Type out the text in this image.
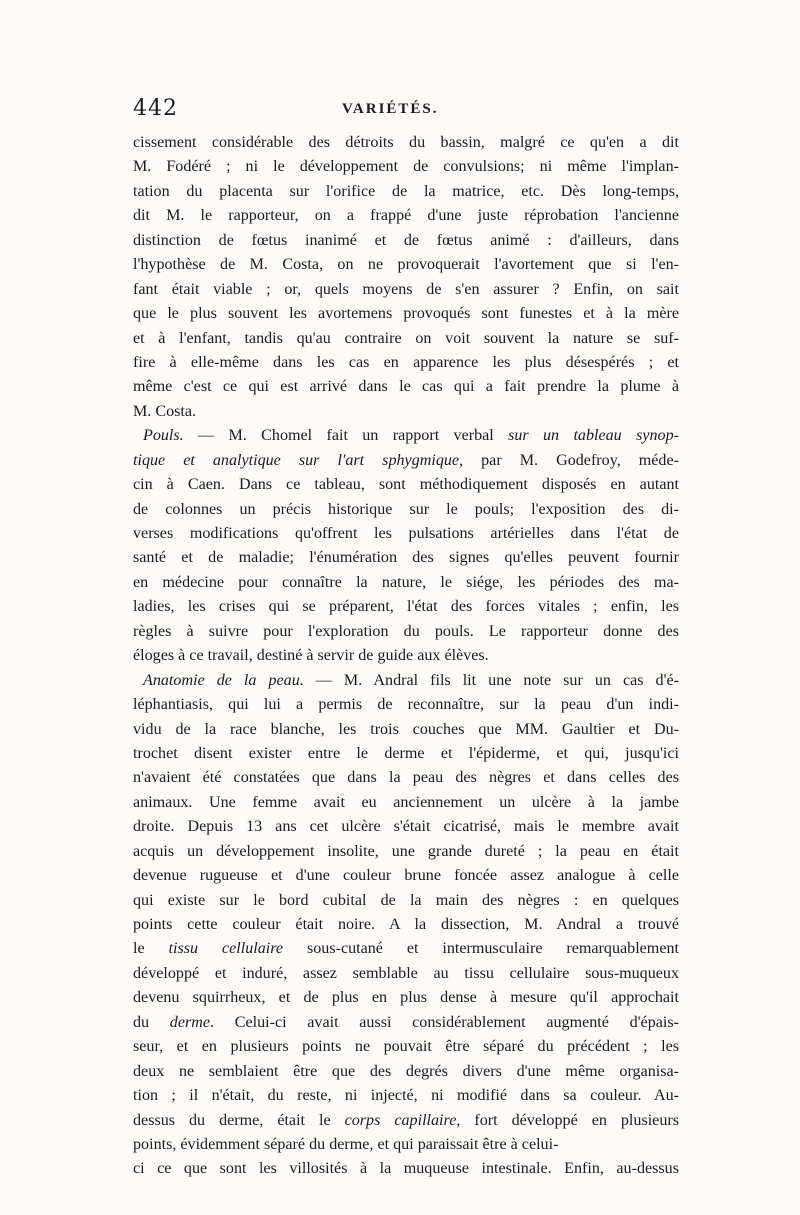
442	VARIÉTÉS.
cissement considérable des détroits du bassin, malgré ce qu'en a dit
M. Fodéré ; ni le développement de convulsions; ni même l'implan-
tation du placenta sur l'orifice de la matrice, etc. Dès long-temps,
dit M. le rapporteur, on a frappé d'une juste réprobation l'ancienne
distinction de fœtus inanimé et de fœtus animé : d'ailleurs, dans
l'hypothèse de M. Costa, on ne provoquerait l'avortement que si l'en-
fant était viable ; or, quels moyens de s'en assurer ? Enfin, on sait
que le plus souvent les avortemens provoqués sont funestes et à la mère
et à l'enfant, tandis qu'au contraire on voit souvent la nature se suf-
fire à elle-même dans les cas en apparence les plus désespérés ; et
même c'est ce qui est arrivé dans le cas qui a fait prendre la plume à
M. Costa.
Pouls. — M. Chomel fait un rapport verbal sur un tableau synop-
tique et analytique sur l'art sphygmique, par M. Godefroy, méde-
cin à Caen. Dans ce tableau, sont méthodiquement disposés en autant
de colonnes un précis historique sur le pouls; l'exposition des di-
verses modifications qu'offrent les pulsations artérielles dans l'état de
santé et de maladie; l'énumération des signes qu'elles peuvent fournir
en médecine pour connaître la nature, le siége, les périodes des ma-
ladies, les crises qui se préparent, l'état des forces vitales ; enfin, les
règles à suivre pour l'exploration du pouls. Le rapporteur donne des
éloges à ce travail, destiné à servir de guide aux élèves.
Anatomie de la peau. — M. Andral fils lit une note sur un cas d'é-
léphantiasis, qui lui a permis de reconnaître, sur la peau d'un indi-
vidu de la race blanche, les trois couches que MM. Gaultier et Du-
trochet disent exister entre le derme et l'épiderme, et qui, jusqu'ici
n'avaient été constatées que dans la peau des nègres et dans celles des
animaux. Une femme avait eu anciennement un ulcère à la jambe
droite. Depuis 13 ans cet ulcère s'était cicatrisé, mais le membre avait
acquis un développement insolite, une grande dureté ; la peau en était
devenue rugueuse et d'une couleur brune foncée assez analogue à celle
qui existe sur le bord cubital de la main des nègres : en quelques
points cette couleur était noire. A la dissection, M. Andral a trouvé
le tissu cellulaire sous-cutané et intermusculaire remarquablement
développé et induré, assez semblable au tissu cellulaire sous-muqueux
devenu squirrheux, et de plus en plus dense à mesure qu'il approchait
du derme. Celui-ci avait aussi considérablement augmenté d'épais-
seur, et en plusieurs points ne pouvait être séparé du précédent ; les
deux ne semblaient être que des degrés divers d'une même organisa-
tion ; il n'était, du reste, ni injecté, ni modifié dans sa couleur. Au-
dessus du derme, était le corps capillaire, fort développé en plusieurs
points, évidemment séparé du derme, et qui paraissait être à celui-
ci ce que sont les villosités à la muqueuse intestinale. Enfin, au-dessus
